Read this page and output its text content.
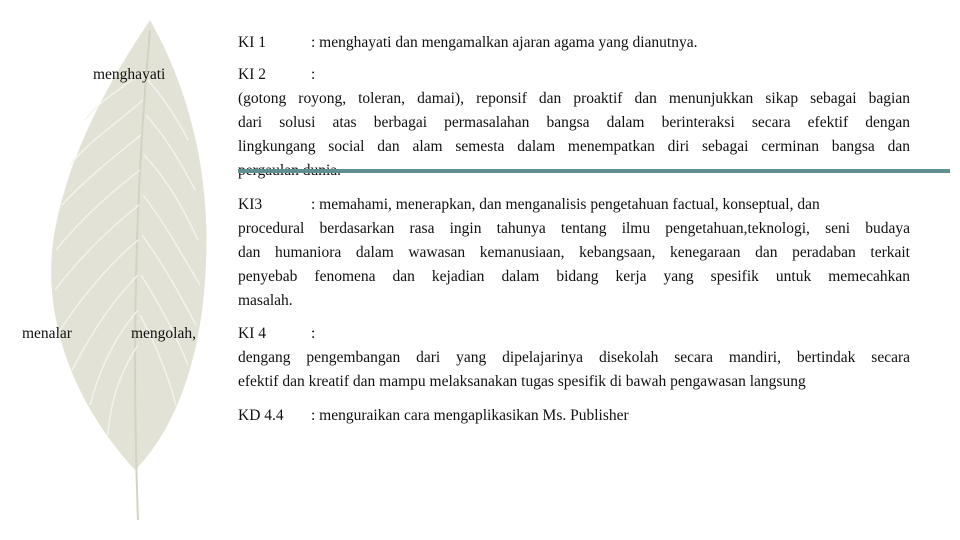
menghayati
menalar	mengolah,
KI 1	: menghayati dan mengamalkan ajaran agama yang dianutnya.
KI 2	:
(gotong royong, toleran, damai), reponsif dan proaktif dan menunjukkan sikap sebagai bagian
dari solusi atas berbagai permasalahan bangsa dalam berinteraksi secara efektif dengan
lingkungang social dan alam semesta dalam menempatkan diri sebagai cerminan bangsa dan
KI3	: memahami, menerapkan, dan menganalisis pengetahuan factual, konseptual, dan
procedural berdasarkan rasa ingin tahunya tentang ilmu pengetahuan,teknologi, seni budaya
dan humaniora dalam wawasan kemanusiaan, kebangsaan, kenegaraan dan peradaban terkait
penyebab fenomena dan kejadian dalam bidang kerja yang spesifik untuk memecahkan
masalah.
KI 4	:
dengang pengembangan dari yang dipelajarinya disekolah secara mandiri, bertindak secara
efektif dan kreatif dan mampu melaksanakan tugas spesifik di bawah pengawasan langsung
KD 4.4 : menguraikan cara mengaplikasikan Ms. Publisher
